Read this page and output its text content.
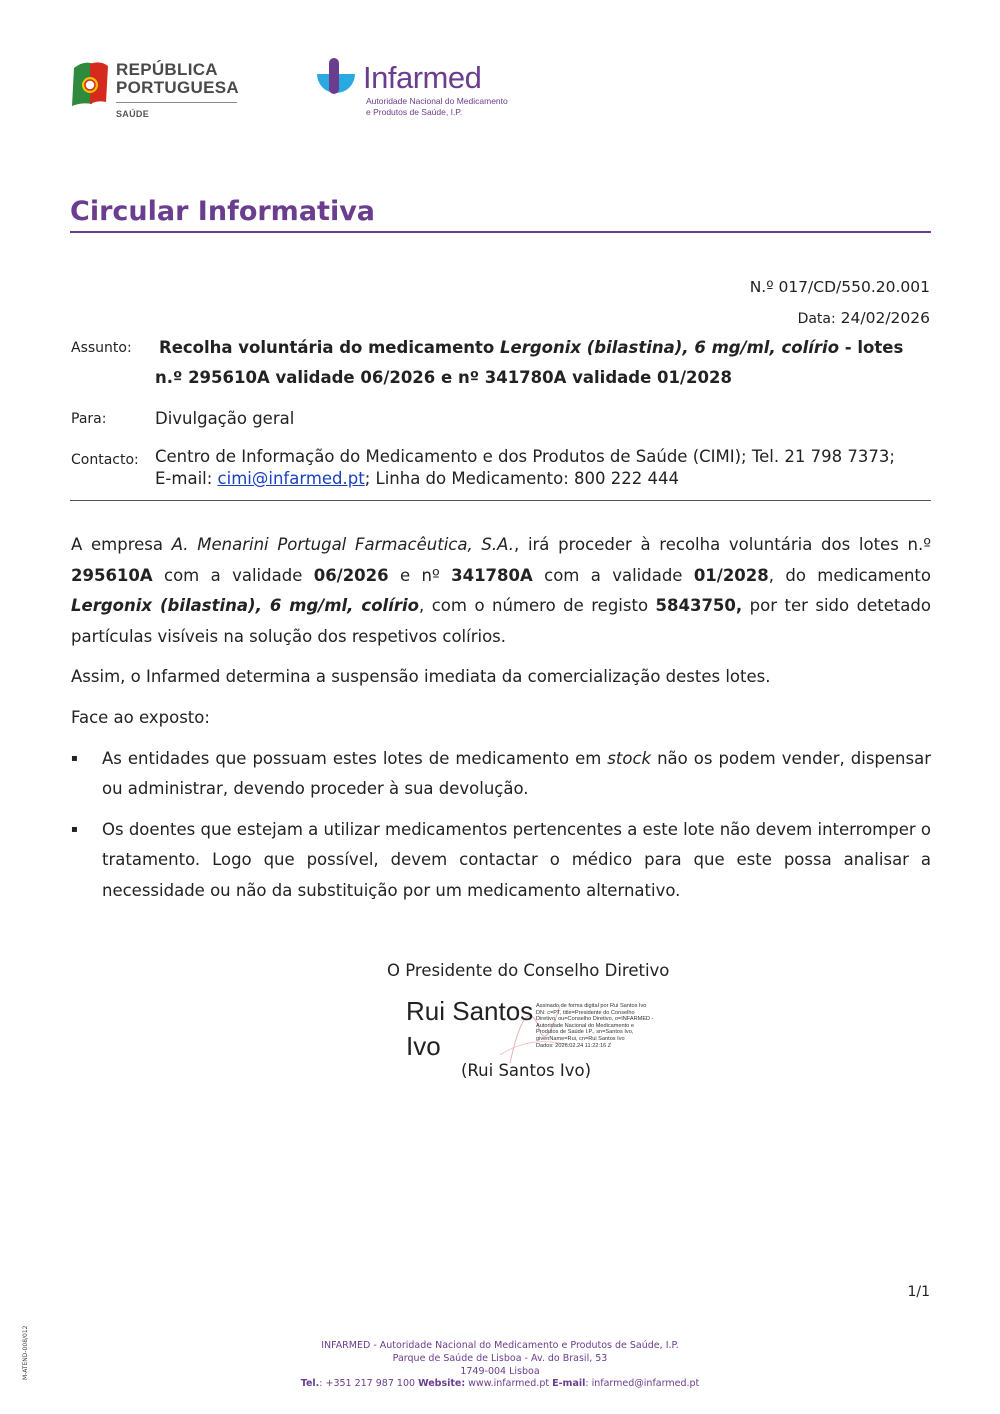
REPÚBLICA
PORTUGUESA
SAÚDE
Infarmed
Autoridade Nacional do Medicamento
e Produtos de Saúde, I.P.
Circular Informativa
N.º 017/CD/550.20.001
Data: 24/02/2026
Assunto: Recolha voluntária do medicamento Lergonix (bilastina), 6 mg/ml, colírio - lotes
n.º 295610A validade 06/2026 e nº 341780A validade 01/2028
Para:	Divulgação geral
Contacto: Centro de Informação do Medicamento e dos Produtos de Saúde (CIMI); Tel. 21 798 7373;
E-mail: cimi@infarmed.pt; Linha do Medicamento: 800 222 444

A empresa A. Menarini Portugal Farmacêutica, S.A., irá proceder à recolha voluntária dos lotes n.º 295610A com a validade 06/2026 e nº 341780A com a validade 01/2028, do medicamento Lergonix (bilastina), 6 mg/ml, colírio, com o número de registo 5843750, por ter sido detetado partículas visíveis na solução dos respetivos colírios.

Assim, o Infarmed determina a suspensão imediata da comercialização destes lotes.

Face ao exposto:

▪ As entidades que possuam estes lotes de medicamento em stock não os podem vender, dispensar ou administrar, devendo proceder à sua devolução.
▪ Os doentes que estejam a utilizar medicamentos pertencentes a este lote não devem interromper o tratamento. Logo que possível, devem contactar o médico para que este possa analisar a necessidade ou não da substituição por um medicamento alternativo.
O Presidente do Conselho Diretivo
Rui Santos
Ivo
Assinado de forma digital por Rui Santos Ivo
DN: c=PT, title=Presidente do Conselho
Diretivo, ou=Conselho Diretivo, o=INFARMED -
Autoridade Nacional do Medicamento e
Produtos de Saúde I.P., sn=Santos Ivo,
givenName=Rui, cn=Rui Santos Ivo
Dados: 2026.02.24 11:22:16 Z
(Rui Santos Ivo)
1/1
M-ATEND-008/012	INFARMED - Autoridade Nacional do Medicamento e Produtos de Saúde, I.P.
Parque de Saúde de Lisboa - Av. do Brasil, 53
1749-004 Lisboa
Tel.: +351 217 987 100 Website: www.infarmed.pt E-mail: infarmed@infarmed.pt
